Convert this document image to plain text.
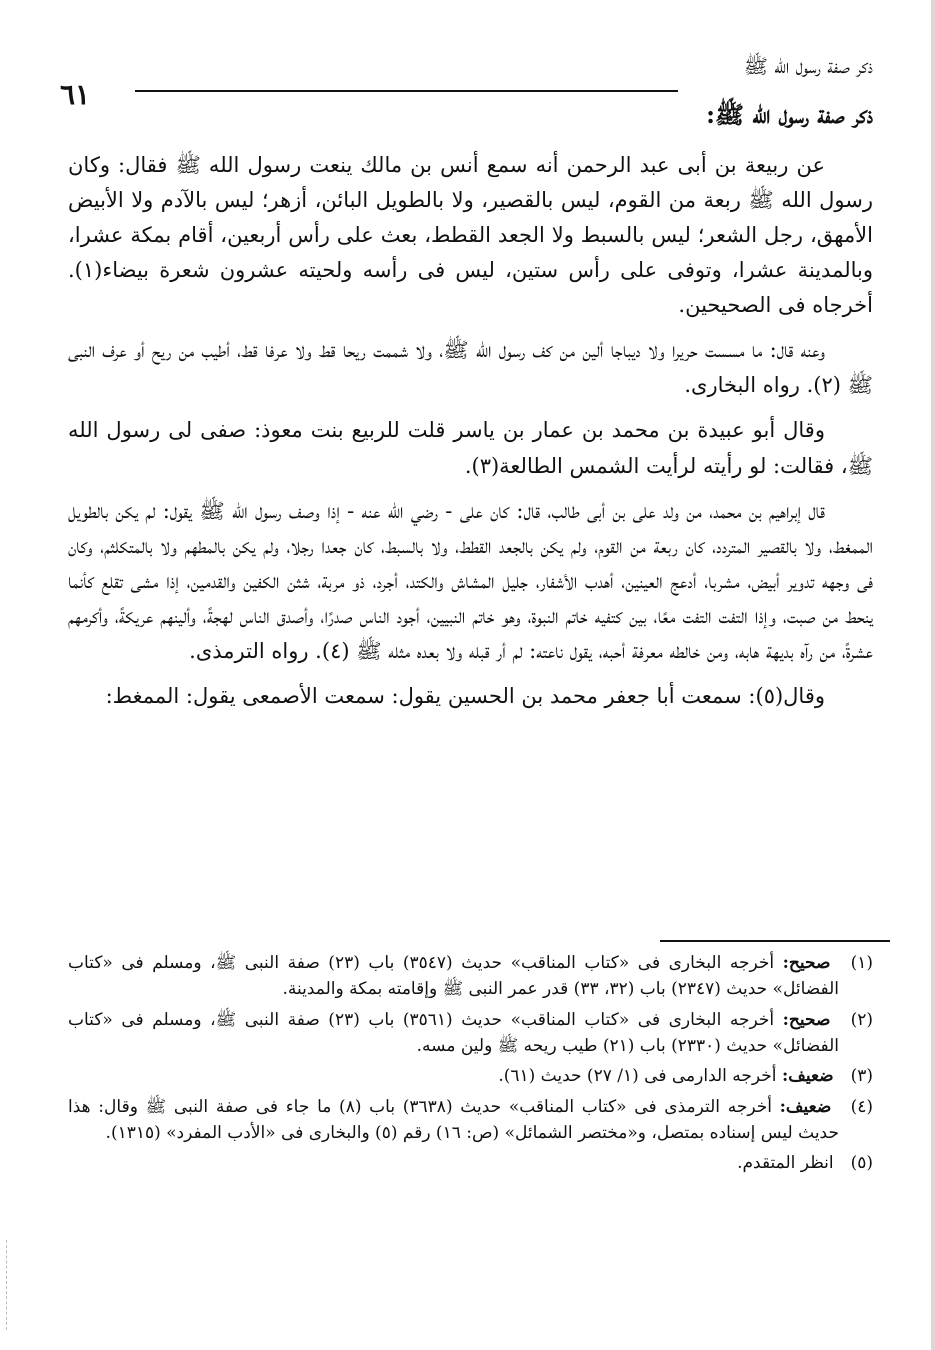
ذكر صفة رسول الله ﷺ
٦١
ذكر صفة رسول الله ﷺ:

عن ربيعة بن أبى عبد الرحمن أنه سمع أنس بن مالك ينعت رسول الله ﷺ فقال: وكان رسول الله ﷺ ربعة من القوم، ليس بالقصير، ولا بالطويل البائن، أزهر؛ ليس بالآدم ولا الأبيض الأمهق، رجل الشعر؛ ليس بالسبط ولا الجعد القطط، بعث على رأس أربعين، أقام بمكة عشرا، وبالمدينة عشرا، وتوفى على رأس ستين، ليس فى رأسه ولحيته عشرون شعرة بيضاء(١). أخرجاه فى الصحيحين.

وعنه قال: ما مسست حريرا ولا ديباجا ألين من كف رسول الله ﷺ، ولا شممت ريحا قط ولا عرفا قط، أطيب من ريح أو عرف النبى ﷺ (٢). رواه البخارى.

وقال أبو عبيدة بن محمد بن عمار بن ياسر قلت للربيع بنت معوذ: صفى لى رسول الله ﷺ، فقالت: لو رأيته لرأيت الشمس الطالعة(٣).

قال إبراهيم بن محمد، من ولد على بن أبى طالب، قال: كان على - رضي الله عنه - إذا وصف رسول الله ﷺ يقول: لم يكن بالطويل الممغط، ولا بالقصير المتردد، كان ربعة من القوم، ولم يكن بالجعد القطط، ولا بالسبط، كان جعدا رجلا، ولم يكن بالمطهم ولا بالمتكلثم، وكان فى وجهه تدوير أبيض، مشربا، أدعج العينين، أهدب الأشفار، جليل المشاش والكتد، أجرد، ذو مربة، شثن الكفين والقدمين، إذا مشى تقلع كأنما ينحط من صبت، وإذا التفت التفت معًا، بين كتفيه خاتم النبوة، وهو خاتم النبيين، أجود الناس صدرًا، وأصدق الناس لهجةً، وألينهم عريكةً، وأكرمهم عشرةً، من رآه بديهة هابه، ومن خالطه معرفة أحبه، يقول ناعته: لم أر قبله ولا بعده مثله ﷺ (٤). رواه الترمذى.

وقال(٥): سمعت أبا جعفر محمد بن الحسين يقول: سمعت الأصمعى يقول: الممغط:

(١) صحيح: أخرجه البخارى فى «كتاب المناقب» حديث (٣٥٤٧) باب (٢٣) صفة النبى ﷺ، ومسلم فى «كتاب الفضائل» حديث (٢٣٤٧) باب (٣٢، ٣٣) قدر عمر النبى ﷺ وإقامته بمكة والمدينة.
(٢) صحيح: أخرجه البخارى فى «كتاب المناقب» حديث (٣٥٦١) باب (٢٣) صفة النبى ﷺ، ومسلم فى «كتاب الفضائل» حديث (٢٣٣٠) باب (٢١) طيب ريحه ﷺ ولين مسه.
(٣) ضعيف: أخرجه الدارمى فى (١/ ٢٧) حديث (٦١).
(٤) ضعيف: أخرجه الترمذى فى «كتاب المناقب» حديث (٣٦٣٨) باب (٨) ما جاء فى صفة النبى ﷺ وقال: هذا حديث ليس إسناده بمتصل، و«مختصر الشمائل» (ص: ١٦) رقم (٥) والبخارى فى «الأدب المفرد» (١٣١٥).
(٥) انظر المتقدم.
